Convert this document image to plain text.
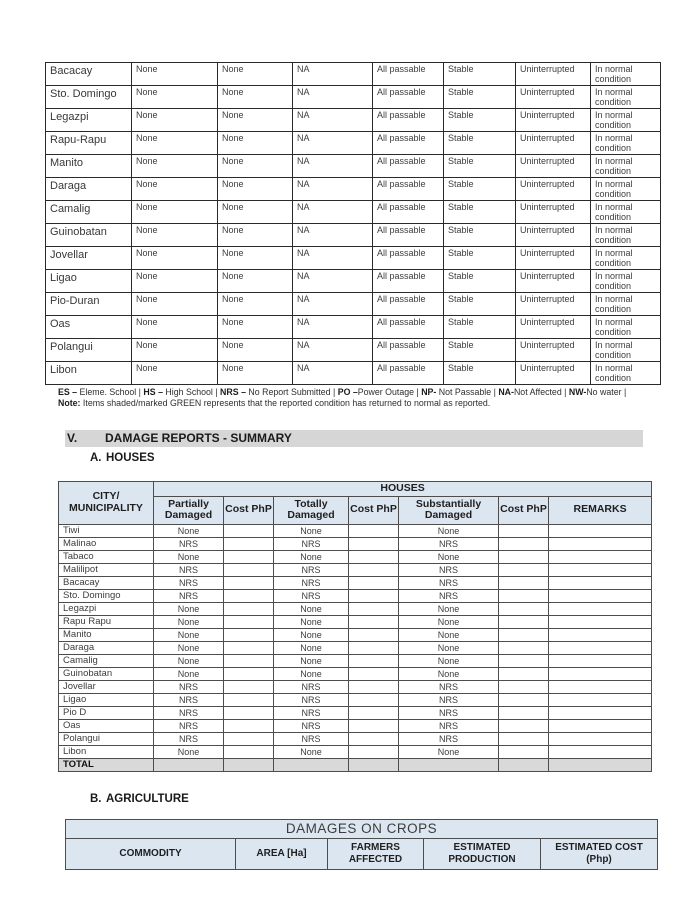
Bacacay	None	None	NA	All passable	Stable	Uninterrupted	In normal condition
Sto. Domingo	None	None	NA	All passable	Stable	Uninterrupted	In normal condition
Legazpi	None	None	NA	All passable	Stable	Uninterrupted	In normal condition
Rapu-Rapu	None	None	NA	All passable	Stable	Uninterrupted	In normal condition
Manito	None	None	NA	All passable	Stable	Uninterrupted	In normal condition
Daraga	None	None	NA	All passable	Stable	Uninterrupted	In normal condition
Camalig	None	None	NA	All passable	Stable	Uninterrupted	In normal condition
Guinobatan	None	None	NA	All passable	Stable	Uninterrupted	In normal condition
Jovellar	None	None	NA	All passable	Stable	Uninterrupted	In normal condition
Ligao	None	None	NA	All passable	Stable	Uninterrupted	In normal condition
Pio-Duran	None	None	NA	All passable	Stable	Uninterrupted	In normal condition
Oas	None	None	NA	All passable	Stable	Uninterrupted	In normal condition
Polangui	None	None	NA	All passable	Stable	Uninterrupted	In normal condition
Libon	None	None	NA	All passable	Stable	Uninterrupted	In normal condition
ES – Eleme. School | HS – High School | NRS – No Report Submitted | PO –Power Outage | NP- Not Passable | NA-Not Affected | NW-No water |
Note: Items shaded/marked GREEN represents that the reported condition has returned to normal as reported.
V. DAMAGE REPORTS - SUMMARY
A. HOUSES
CITY/
MUNICIPALITY	HOUSES						
	Partially Damaged	Cost PhP	Totally Damaged	Cost PhP	Substantially Damaged	Cost PhP	REMARKS
Tiwi	None		None		None		
Malinao	NRS		NRS		NRS		
Tabaco	None		None		None		
Malilipot	NRS		NRS		NRS		
Bacacay	NRS		NRS		NRS		
Sto. Domingo	NRS		NRS		NRS		
Legazpi	None		None		None		
Rapu Rapu	None		None		None		
Manito	None		None		None		
Daraga	None		None		None		
Camalig	None		None		None		
Guinobatan	None		None		None		
Jovellar	NRS		NRS		NRS		
Ligao	NRS		NRS		NRS		
Pio D	NRS		NRS		NRS		
Oas	NRS		NRS		NRS		
Polangui	NRS		NRS		NRS		
Libon	None		None		None		
TOTAL							
B. AGRICULTURE
DAMAGES ON CROPS
COMMODITY	AREA [Ha]	FARMERS AFFECTED	ESTIMATED PRODUCTION	ESTIMATED COST (Php)
